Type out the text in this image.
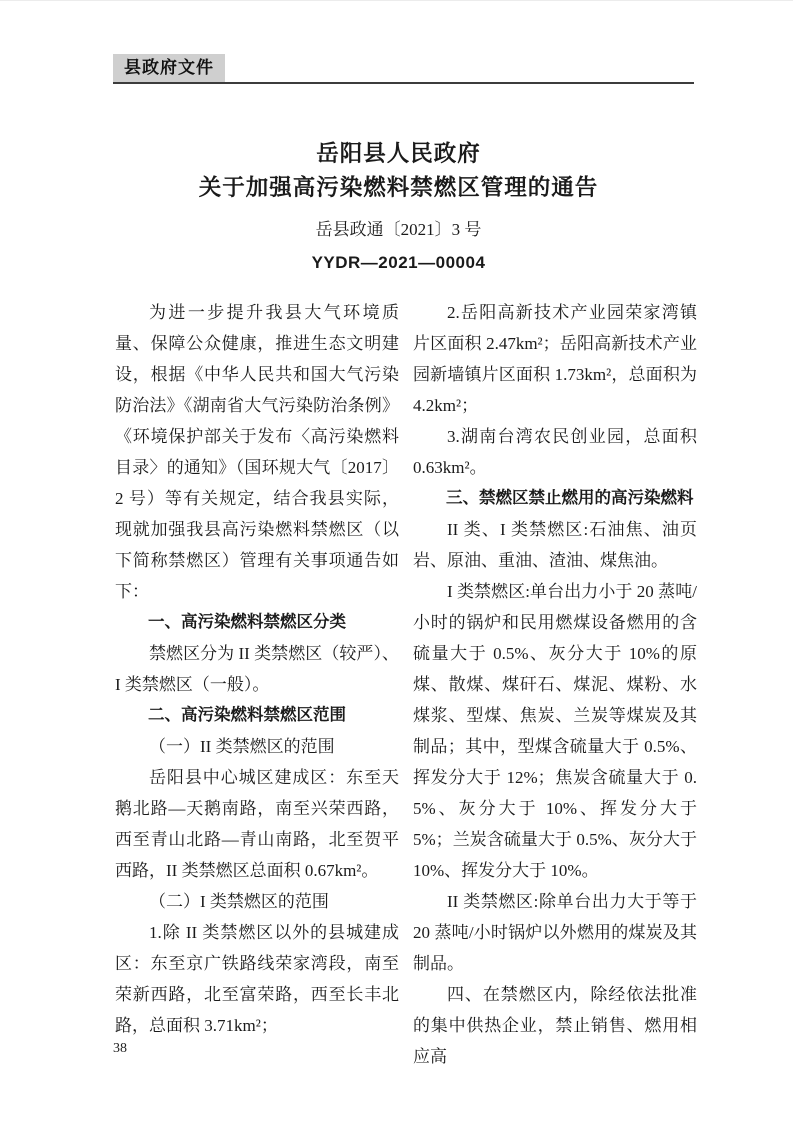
县政府文件
岳阳县人民政府
关于加强高污染燃料禁燃区管理的通告
岳县政通〔2021〕3 号
YYDR—2021—00004

为进一步提升我县大气环境质量、保障公众健康，推进生态文明建设，根据《中华人民共和国大气污染防治法》《湖南省大气污染防治条例》《环境保护部关于发布〈高污染燃料目录〉的通知》（国环规大气〔2017〕2 号）等有关规定，结合我县实际，现就加强我县高污染燃料禁燃区（以下简称禁燃区）管理有关事项通告如下：

一、高污染燃料禁燃区分类

禁燃区分为 II 类禁燃区（较严）、I 类禁燃区（一般）。

二、高污染燃料禁燃区范围

（一）II 类禁燃区的范围

岳阳县中心城区建成区：东至天鹅北路—天鹅南路，南至兴荣西路，西至青山北路—青山南路，北至贺平西路，II 类禁燃区总面积 0.67km²。

（二）I 类禁燃区的范围

1.除 II 类禁燃区以外的县城建成区：东至京广铁路线荣家湾段，南至荣新西路，北至富荣路，西至长丰北路，总面积 3.71km²；

2.岳阳高新技术产业园荣家湾镇片区面积 2.47km²；岳阳高新技术产业园新墙镇片区面积 1.73km²，总面积为 4.2km²；

3.湖南台湾农民创业园，总面积 0.63km²。

三、禁燃区禁止燃用的高污染燃料

II 类、I 类禁燃区:石油焦、油页岩、原油、重油、渣油、煤焦油。

I 类禁燃区:单台出力小于 20 蒸吨/小时的锅炉和民用燃煤设备燃用的含硫量大于 0.5%、灰分大于 10%的原煤、散煤、煤矸石、煤泥、煤粉、水煤浆、型煤、焦炭、兰炭等煤炭及其制品；其中，型煤含硫量大于 0.5%、挥发分大于 12%；焦炭含硫量大于 0.5%、灰分大于 10%、挥发分大于 5%；兰炭含硫量大于 0.5%、灰分大于 10%、挥发分大于 10%。

II 类禁燃区:除单台出力大于等于 20 蒸吨/小时锅炉以外燃用的煤炭及其制品。

四、在禁燃区内，除经依法批准的集中供热企业，禁止销售、燃用相应高

38
